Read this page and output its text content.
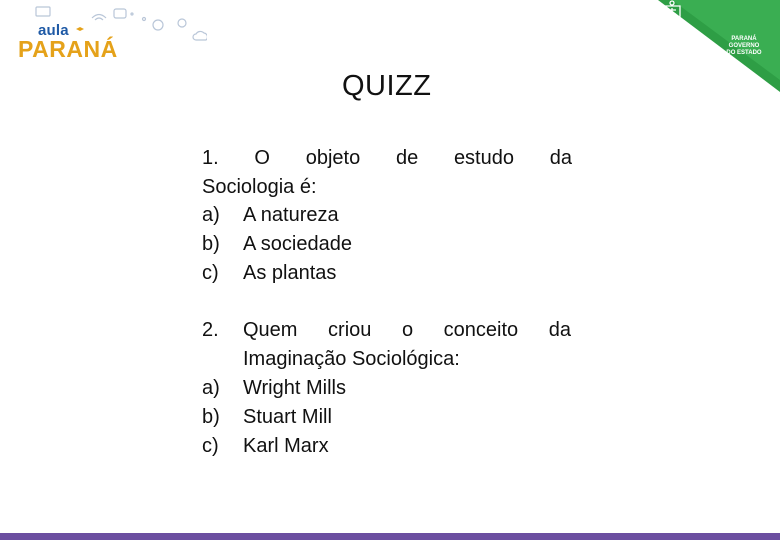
aula
PARANÁ	PARANÁ
GOVERNO
DO ESTADO
QUIZZ
1. O objeto de estudo da
Sociologia é:
a) A natureza
b) A sociedade
c) As plantas
2. Quem criou o conceito da
Imaginação Sociológica:
a) Wright Mills
b) Stuart Mill
c) Karl Marx
